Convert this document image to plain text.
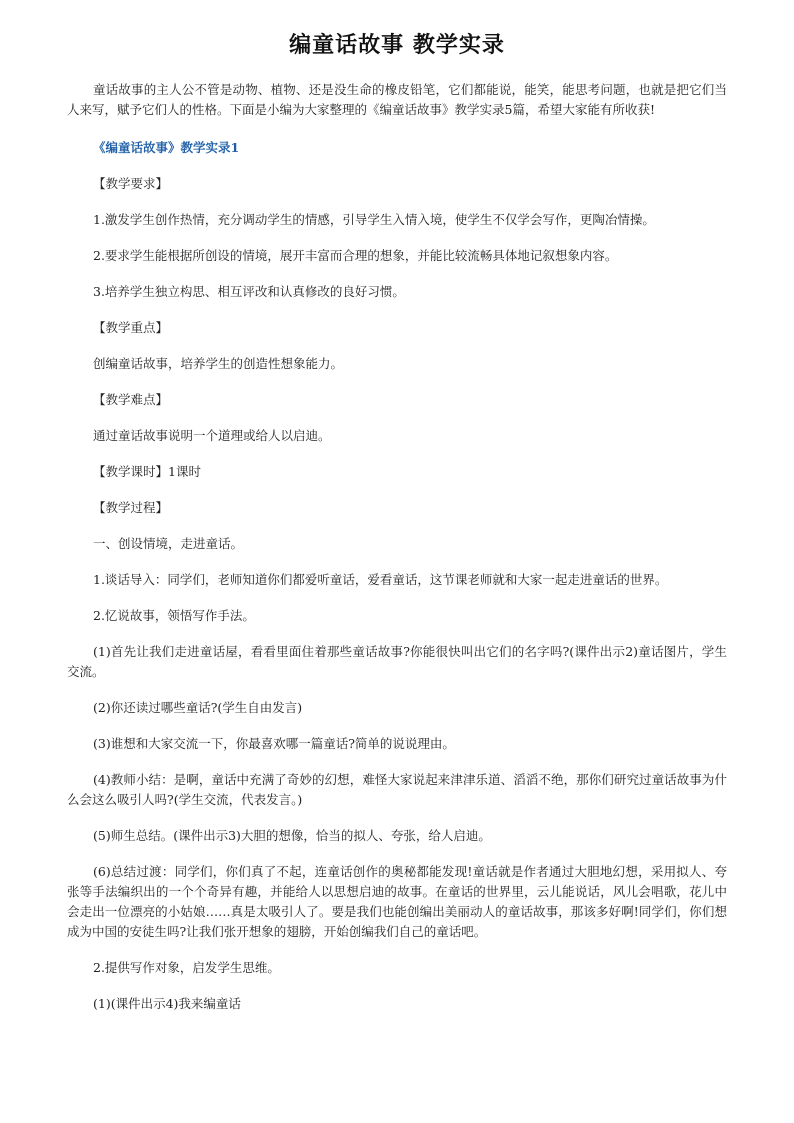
编童话故事 教学实录

童话故事的主人公不管是动物、植物、还是没生命的橡皮铅笔，它们都能说，能笑，能思考问题，也就是把它们当人来写，赋予它们人的性格。下面是小编为大家整理的《编童话故事》教学实录5篇，希望大家能有所收获!

《编童话故事》教学实录1

【教学要求】

1.激发学生创作热情，充分调动学生的情感，引导学生入情入境，使学生不仅学会写作，更陶冶情操。

2.要求学生能根据所创设的情境，展开丰富而合理的想象，并能比较流畅具体地记叙想象内容。

3.培养学生独立构思、相互评改和认真修改的良好习惯。

【教学重点】

创编童话故事，培养学生的创造性想象能力。

【教学难点】

通过童话故事说明一个道理或给人以启迪。

【教学课时】1课时

【教学过程】

一、创设情境，走进童话。

1.谈话导入：同学们，老师知道你们都爱听童话，爱看童话，这节课老师就和大家一起走进童话的世界。

2.忆说故事，领悟写作手法。

(1)首先让我们走进童话屋，看看里面住着那些童话故事?你能很快叫出它们的名字吗?(课件出示2)童话图片，学生交流。

(2)你还读过哪些童话?(学生自由发言)

(3)谁想和大家交流一下，你最喜欢哪一篇童话?简单的说说理由。

(4)教师小结：是啊，童话中充满了奇妙的幻想，难怪大家说起来津津乐道、滔滔不绝，那你们研究过童话故事为什么会这么吸引人吗?(学生交流，代表发言。)

(5)师生总结。(课件出示3)大胆的想像，恰当的拟人、夸张，给人启迪。

(6)总结过渡：同学们，你们真了不起，连童话创作的奥秘都能发现!童话就是作者通过大胆地幻想，采用拟人、夸张等手法编织出的一个个奇异有趣，并能给人以思想启迪的故事。在童话的世界里，云儿能说话，风儿会唱歌，花儿中会走出一位漂亮的小姑娘……真是太吸引人了。要是我们也能创编出美丽动人的童话故事，那该多好啊!同学们，你们想成为中国的安徒生吗?让我们张开想象的翅膀，开始创编我们自己的童话吧。

2.提供写作对象，启发学生思维。

(1)(课件出示4)我来编童话
